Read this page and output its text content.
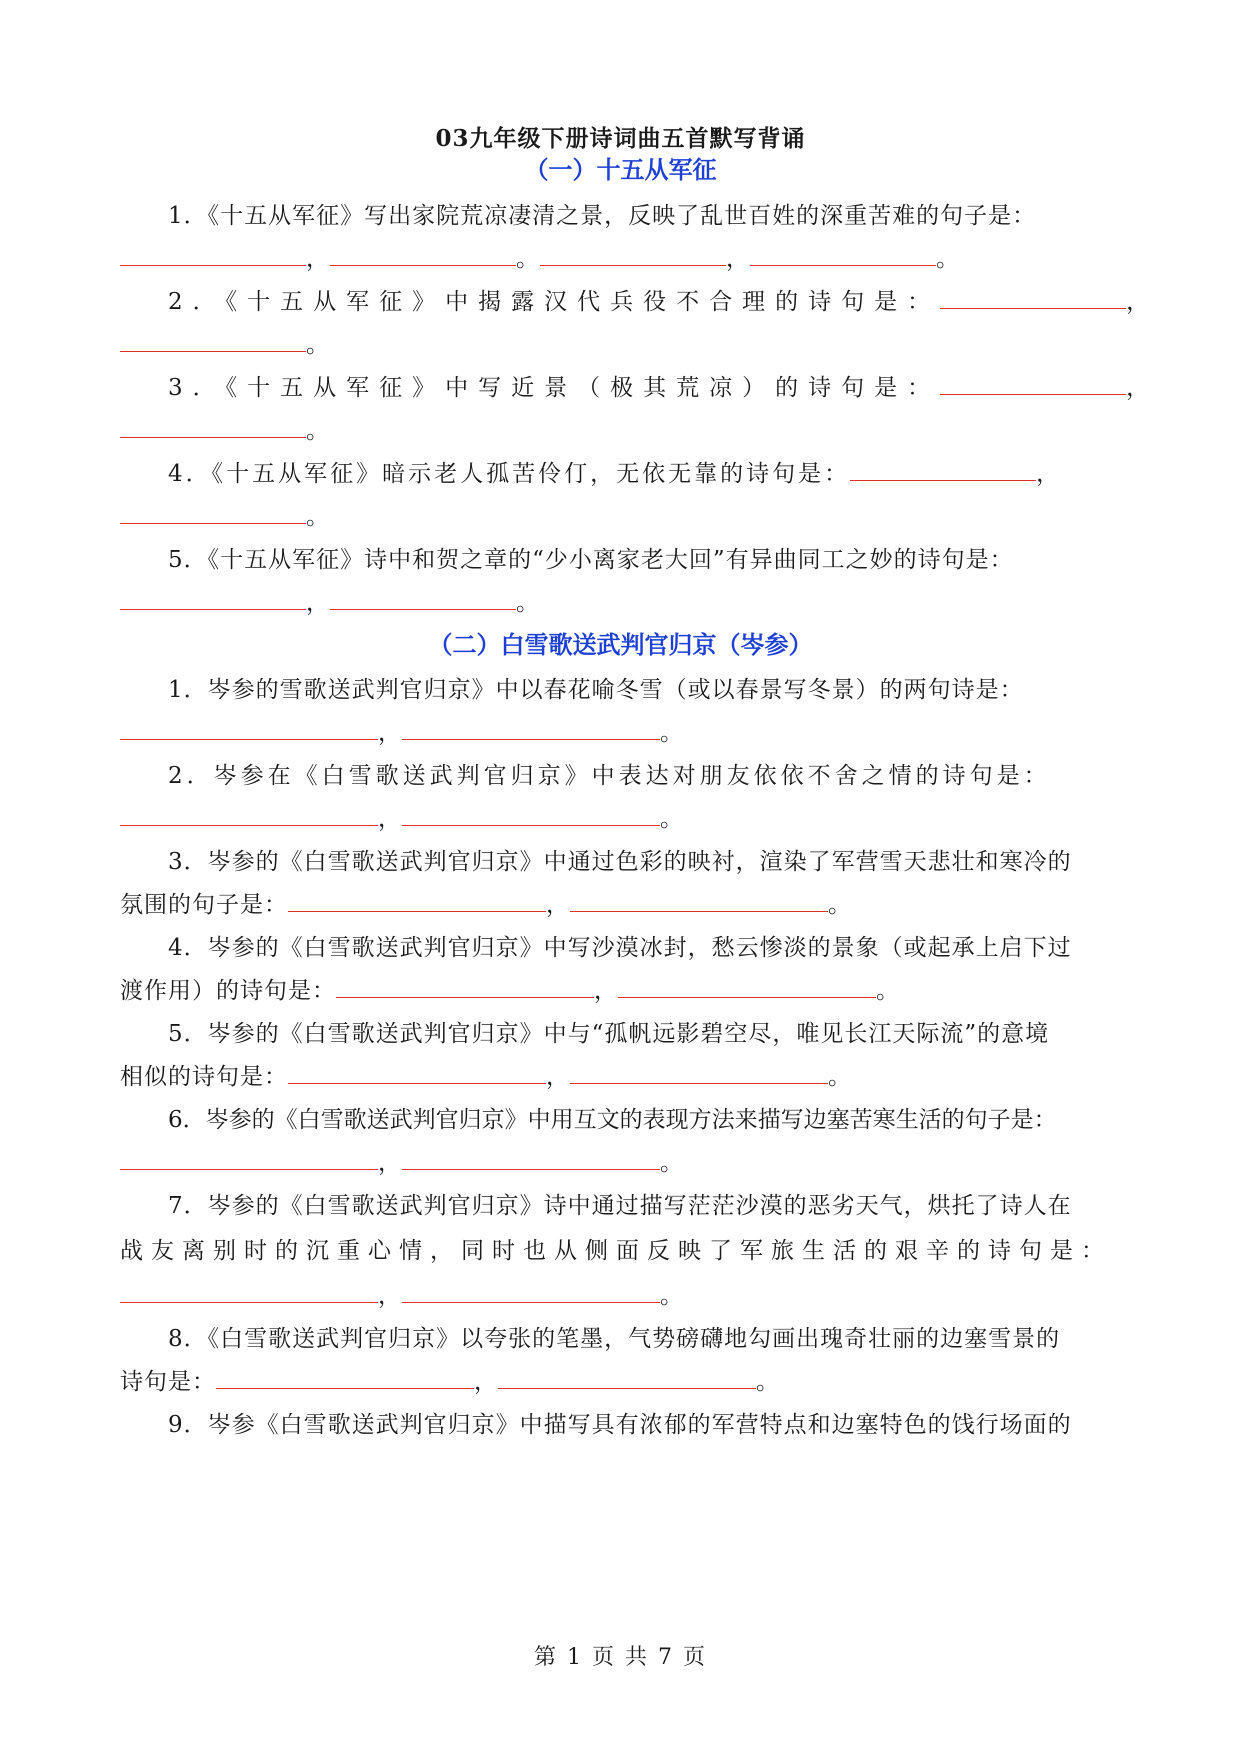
03九年级下册诗词曲五首默写背诵
（一）十五从军征
1．《十五从军征》写出家院荒凉凄清之景，反映了乱世百姓的深重苦难的句子是：
，	。	，	。
2．《十五从军征》中揭露汉代兵役不合理的诗句是：	，
。
3．《十五从军征》中写近景（极其荒凉）的诗句是：	，
。
4．《十五从军征》暗示老人孤苦伶仃，无依无靠的诗句是：	，
。
5．《十五从军征》诗中和贺之章的“少小离家老大回”有异曲同工之妙的诗句是：
，	。
（二）白雪歌送武判官归京（岑参）
1．岑参的雪歌送武判官归京》中以春花喻冬雪（或以春景写冬景）的两句诗是：
，	。
2．岑参在《白雪歌送武判官归京》中表达对朋友依依不舍之情的诗句是：
，	。
3．岑参的《白雪歌送武判官归京》中通过色彩的映衬，渲染了军营雪天悲壮和寒冷的
氛围的句子是：	，	。
4．岑参的《白雪歌送武判官归京》中写沙漠冰封，愁云惨淡的景象（或起承上启下过
渡作用）的诗句是：	，	。
5．岑参的《白雪歌送武判官归京》中与“孤帆远影碧空尽，唯见长江天际流”的意境
相似的诗句是：	，	。
6．岑参的《白雪歌送武判官归京》中用互文的表现方法来描写边塞苦寒生活的句子是：
，	。
7．岑参的《白雪歌送武判官归京》诗中通过描写茫茫沙漠的恶劣天气，烘托了诗人在
战友离别时的沉重心情，同时也从侧面反映了军旅生活的艰辛的诗句是：
，	。
8．《白雪歌送武判官归京》以夸张的笔墨，气势磅礴地勾画出瑰奇壮丽的边塞雪景的
诗句是：	，	。
9．岑参《白雪歌送武判官归京》中描写具有浓郁的军营特点和边塞特色的饯行场面的
第 1 页 共 7 页
